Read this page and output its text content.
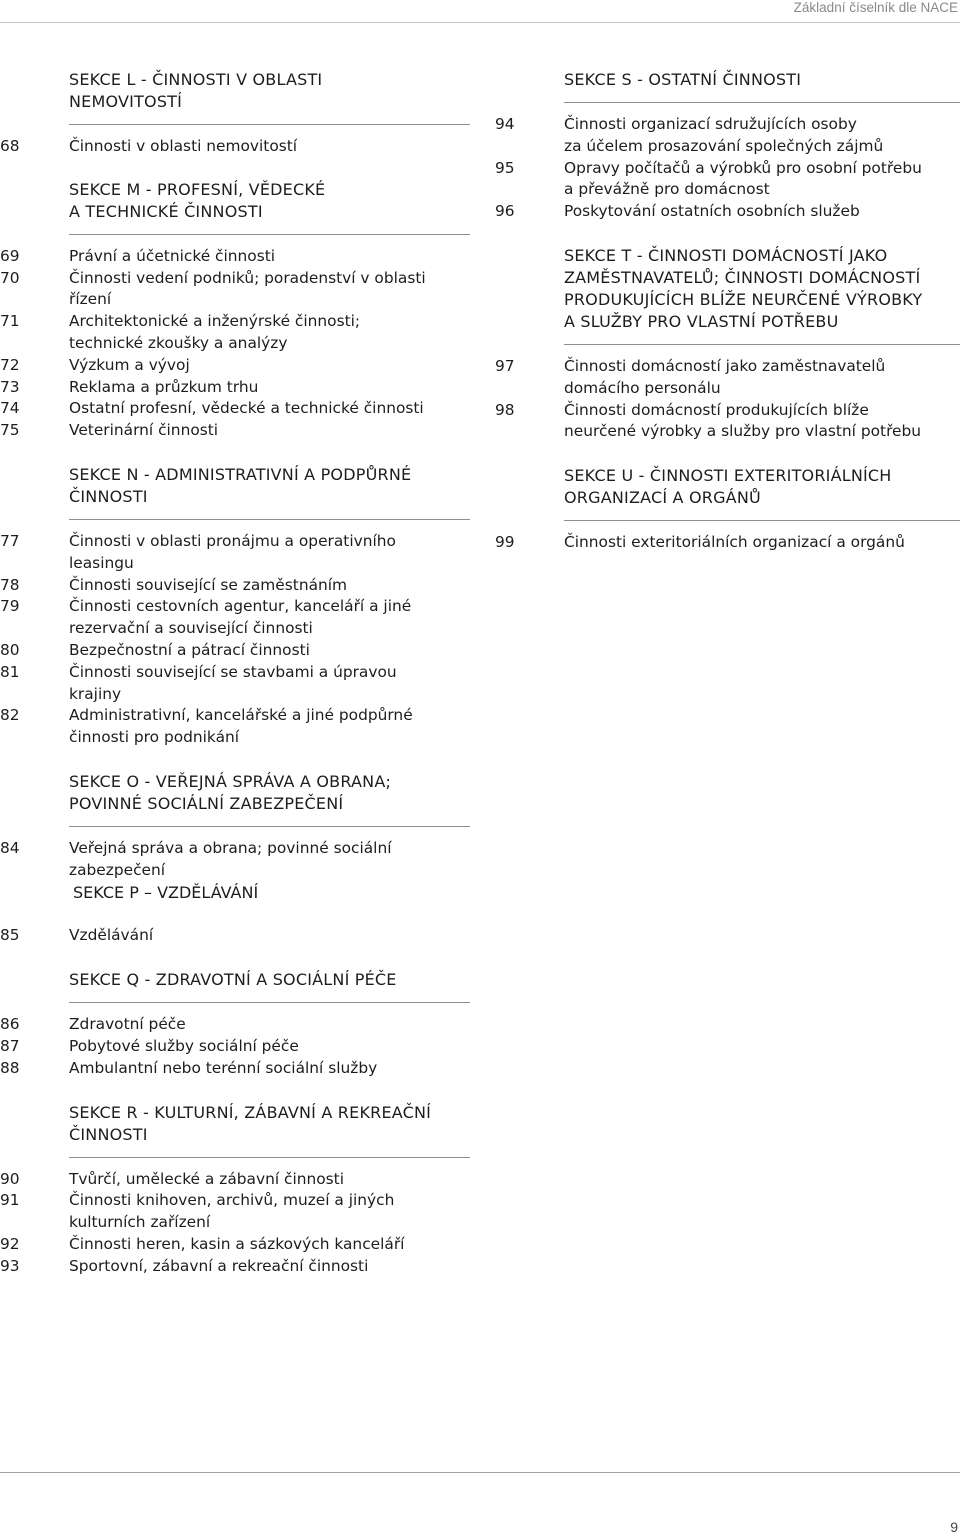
Základní číselník dle NACE
SEKCE L - ČINNOSTI V OBLASTI
NEMOVITOSTÍ
68	Činnosti v oblasti nemovitostí
SEKCE M - PROFESNÍ, VĚDECKÉ
A TECHNICKÉ ČINNOSTI
69	Právní a účetnické činnosti
70	Činnosti vedení podniků; poradenství v oblasti
řízení
71	Architektonické a inženýrské činnosti;
technické zkoušky a analýzy
72	Výzkum a vývoj
73	Reklama a průzkum trhu
74	Ostatní profesní, vědecké a technické činnosti
75	Veterinární činnosti
SEKCE N - ADMINISTRATIVNÍ A PODPŮRNÉ
ČINNOSTI
77	Činnosti v oblasti pronájmu a operativního
leasingu
78	Činnosti související se zaměstnáním
79	Činnosti cestovních agentur, kanceláří a jiné
rezervační a související činnosti
80	Bezpečnostní a pátrací činnosti
81	Činnosti související se stavbami a úpravou
krajiny
82	Administrativní, kancelářské a jiné podpůrné
činnosti pro podnikání
SEKCE O - VEŘEJNÁ SPRÁVA A OBRANA;
POVINNÉ SOCIÁLNÍ ZABEZPEČENÍ
84	Veřejná správa a obrana; povinné sociální
zabezpečení
SEKCE P – VZDĚLÁVÁNÍ
85	Vzdělávání
SEKCE Q - ZDRAVOTNÍ A SOCIÁLNÍ PÉČE
86	Zdravotní péče
87	Pobytové služby sociální péče
88	Ambulantní nebo terénní sociální služby
SEKCE R - KULTURNÍ, ZÁBAVNÍ A REKREAČNÍ
ČINNOSTI
90	Tvůrčí, umělecké a zábavní činnosti
91	Činnosti knihoven, archivů, muzeí a jiných
kulturních zařízení
92	Činnosti heren, kasin a sázkových kanceláří
93	Sportovní, zábavní a rekreační činnosti
SEKCE S - OSTATNÍ ČINNOSTI
94	Činnosti organizací sdružujících osoby
za účelem prosazování společných zájmů
95	Opravy počítačů a výrobků pro osobní potřebu
a převážně pro domácnost
96	Poskytování ostatních osobních služeb
SEKCE T - ČINNOSTI DOMÁCNOSTÍ JAKO
ZAMĚSTNAVATELŮ; ČINNOSTI DOMÁCNOSTÍ
PRODUKUJÍCÍCH BLÍŽE NEURČENÉ VÝROBKY
A SLUŽBY PRO VLASTNÍ POTŘEBU
97	Činnosti domácností jako zaměstnavatelů
domácího personálu
98	Činnosti domácností produkujících blíže
neurčené výrobky a služby pro vlastní potřebu
SEKCE U - ČINNOSTI EXTERITORIÁLNÍCH
ORGANIZACÍ A ORGÁNŮ
99	Činnosti exteritoriálních organizací a orgánů
9
